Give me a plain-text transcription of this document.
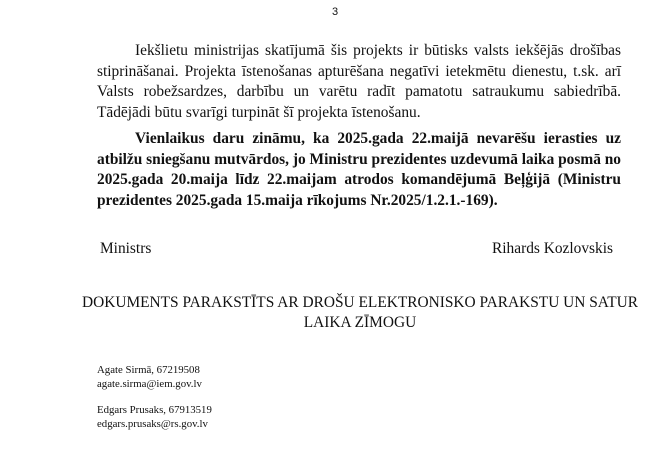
3

Iekšlietu ministrijas skatījumā šis projekts ir būtisks valsts iekšējās drošības stiprināšanai. Projekta īstenošanas apturēšana negatīvi ietekmētu dienestu, t.sk. arī Valsts robežsardzes, darbību un varētu radīt pamatotu satraukumu sabiedrībā. Tādējādi būtu svarīgi turpināt šī projekta īstenošanu.

Vienlaikus daru zināmu, ka 2025.gada 22.maijā nevarēšu ierasties uz atbilžu sniegšanu mutvārdos, jo Ministru prezidentes uzdevumā laika posmā no 2025.gada 20.maija līdz 22.maijam atrodos komandējumā Beļģijā (Ministru prezidentes 2025.gada 15.maija rīkojums Nr.2025/1.2.1.-169).

Ministrs	Rihards Kozlovskis

DOKUMENTS PARAKSTĪTS AR DROŠU ELEKTRONISKO PARAKSTU UN SATUR LAIKA ZĪMOGU

Agate Sirmā, 67219508
agate.sirma@iem.gov.lv
Edgars Prusaks, 67913519
edgars.prusaks@rs.gov.lv
